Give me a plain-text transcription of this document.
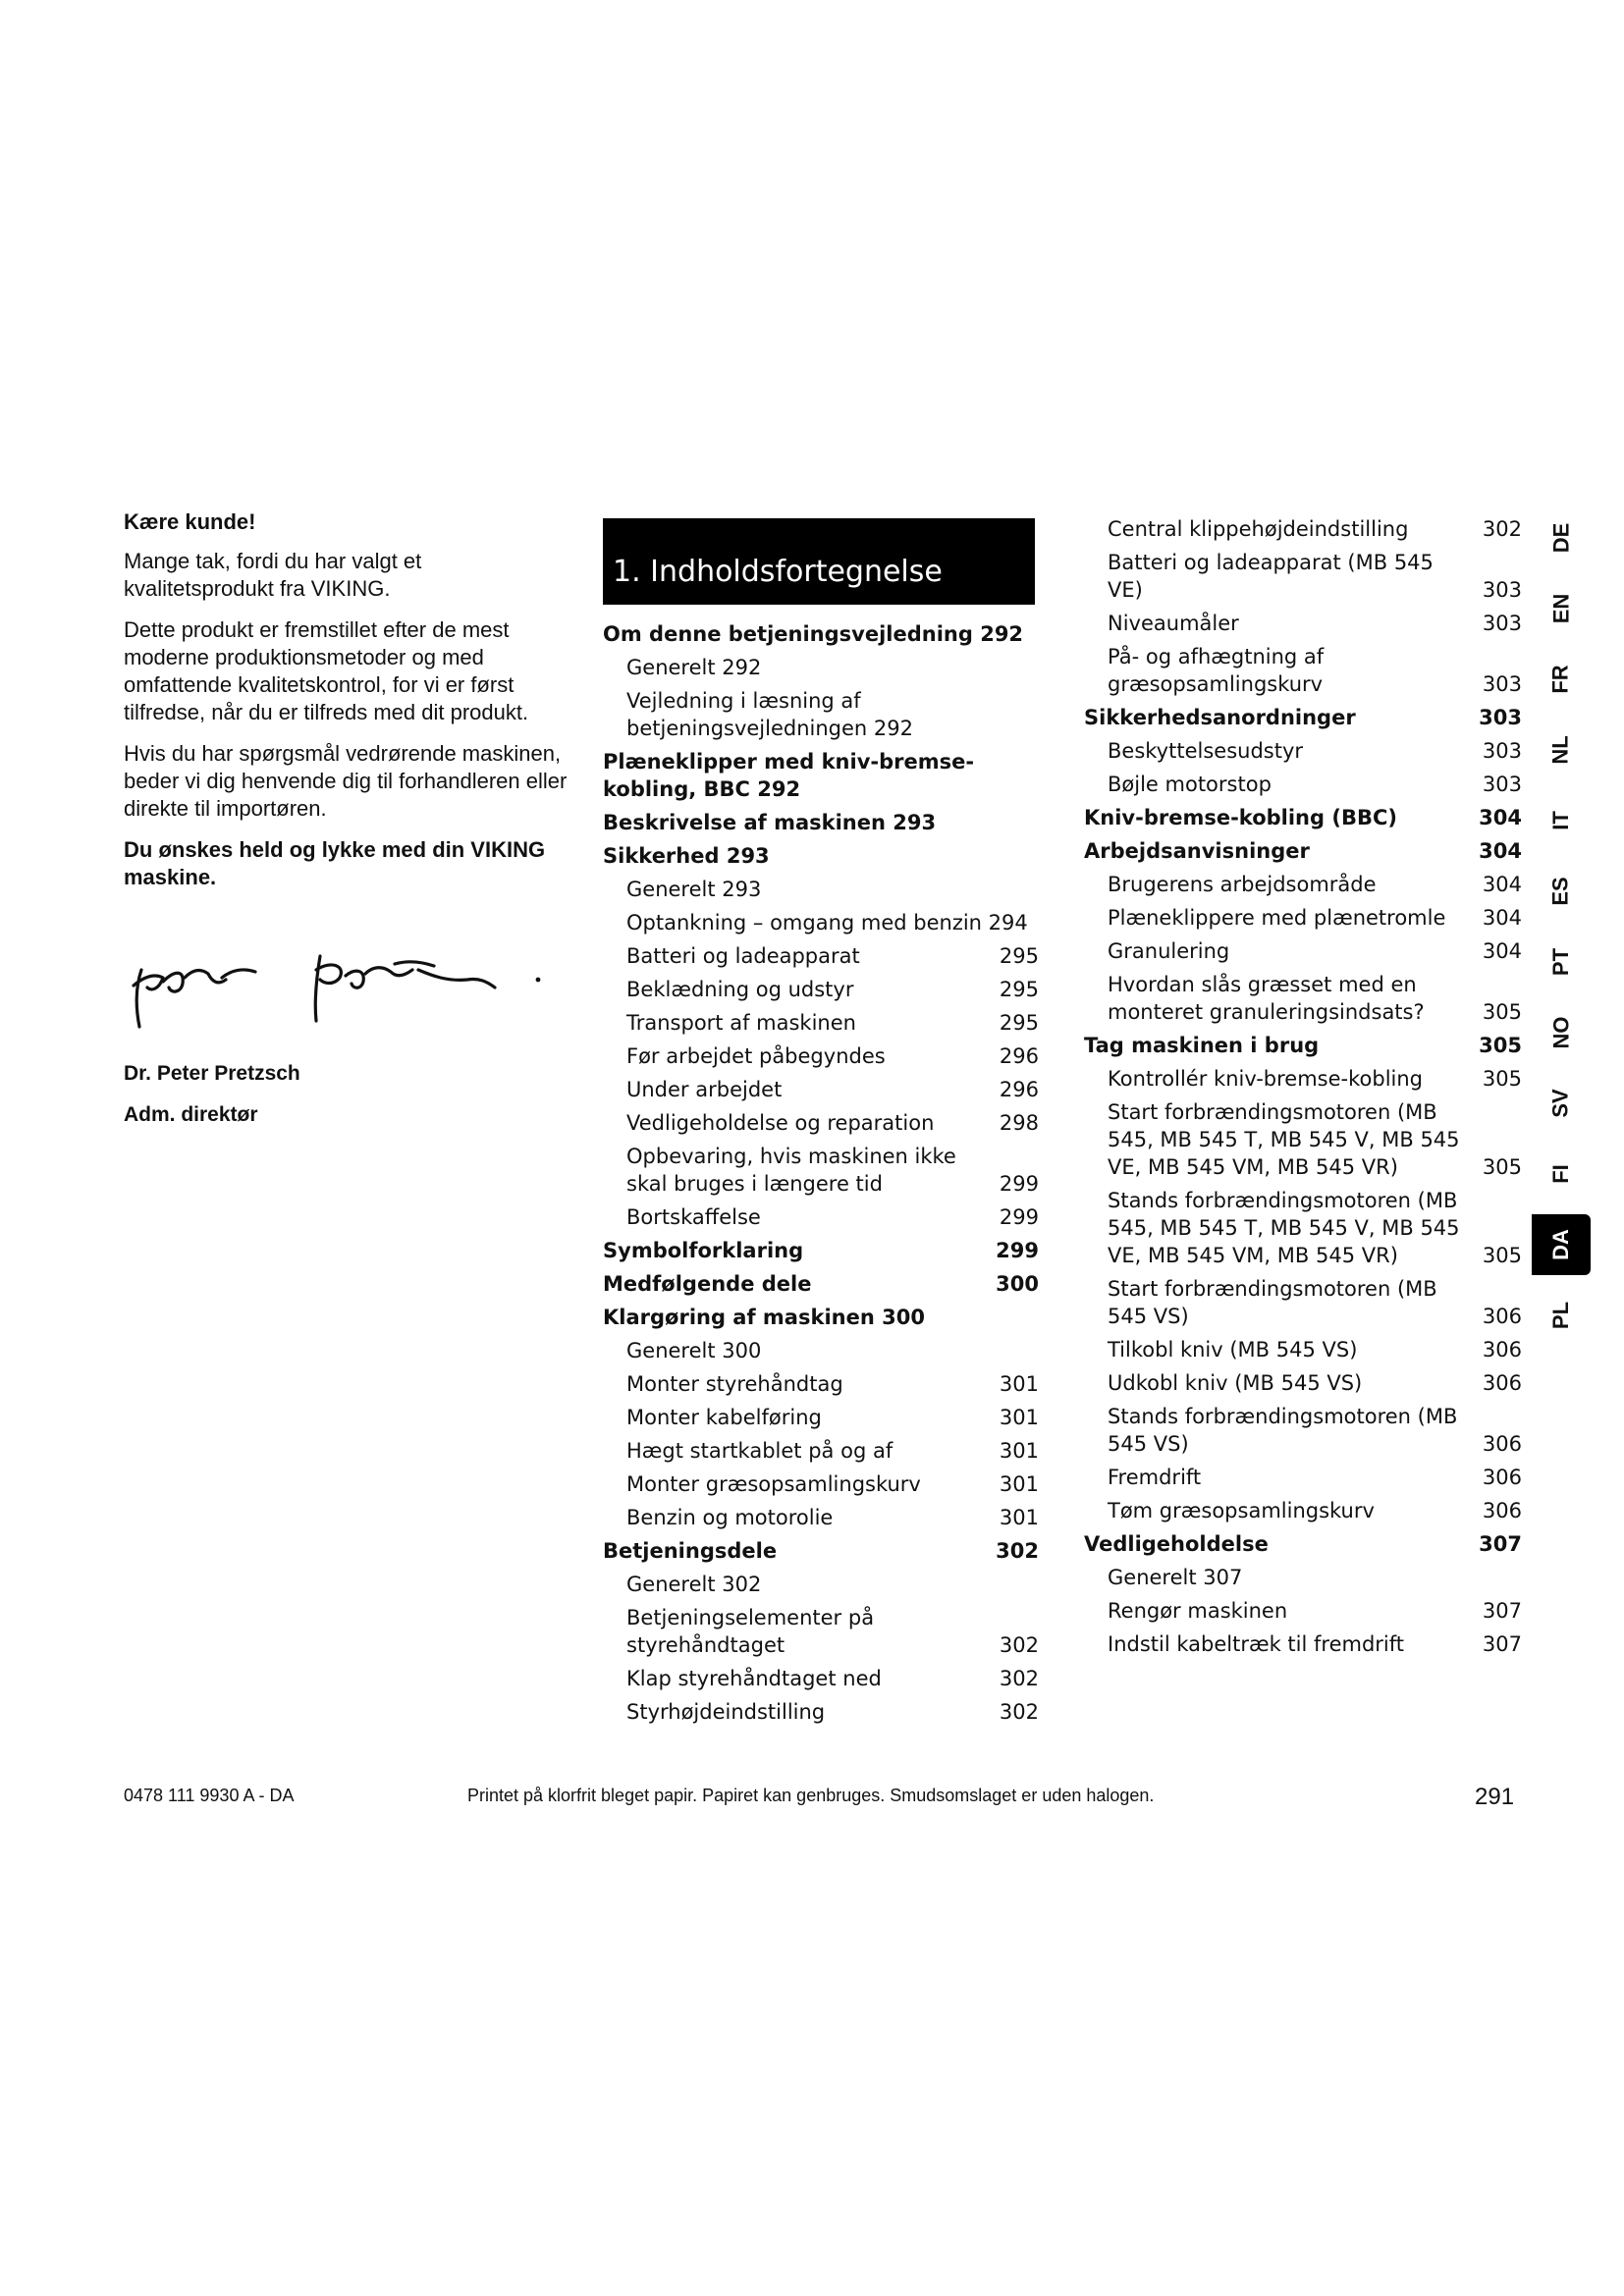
Kære kunde!

Mange tak, fordi du har valgt et kvalitetsprodukt fra VIKING.

Dette produkt er fremstillet efter de mest moderne produktionsmetoder og med omfattende kvalitetskontrol, for vi er først tilfredse, når du er tilfreds med dit produkt.

Hvis du har spørgsmål vedrørende maskinen, beder vi dig henvende dig til forhandleren eller direkte til importøren.

Du ønskes held og lykke med din VIKING maskine.

Dr. Peter Pretzsch

Adm. direktør

1. Indholdsfortegnelse
Om denne betjeningsvejledning 292
Generelt 292
Vejledning i læsning af betjeningsvejledningen 292
Plæneklipper med kniv-bremse-kobling, BBC 292
Beskrivelse af maskinen 293
Sikkerhed 293
Generelt 293
Optankning – omgang med benzin 294
Batteri og ladeapparat	295
Beklædning og udstyr	295
Transport af maskinen	295
Før arbejdet påbegyndes	296
Under arbejdet	296
Vedligeholdelse og reparation	298
Opbevaring, hvis maskinen ikke skal bruges i længere tid	299
Bortskaffelse	299
Symbolforklaring	299
Medfølgende dele	300
Klargøring af maskinen 300
Generelt 300
Monter styrehåndtag	301
Monter kabelføring	301
Hægt startkablet på og af	301
Monter græsopsamlingskurv	301
Benzin og motorolie	301
Betjeningsdele	302
Generelt 302
Betjeningselementer på styrehåndtaget	302
Klap styrehåndtaget ned	302
Styrhøjdeindstilling	302
Central klippehøjdeindstilling	302
Batteri og ladeapparat (MB 545 VE)	303
Niveaumåler	303
På- og afhægtning af græsopsamlingskurv	303
Sikkerhedsanordninger	303
Beskyttelsesudstyr	303
Bøjle motorstop	303
Kniv-bremse-kobling (BBC)	304
Arbejdsanvisninger	304
Brugerens arbejdsområde	304
Plæneklippere med plænetromle	304
Granulering	304
Hvordan slås græsset med en monteret granuleringsindsats?	305
Tag maskinen i brug	305
Kontrollér kniv-bremse-kobling	305
Start forbrændingsmotoren (MB 545, MB 545 T, MB 545 V, MB 545 VE, MB 545 VM, MB 545 VR)	305
Stands forbrændingsmotoren (MB 545, MB 545 T, MB 545 V, MB 545 VE, MB 545 VM, MB 545 VR)	305
Start forbrændingsmotoren (MB 545 VS)	306
Tilkobl kniv (MB 545 VS)	306
Udkobl kniv (MB 545 VS)	306
Stands forbrændingsmotoren (MB 545 VS)	306
Fremdrift	306
Tøm græsopsamlingskurv	306
Vedligeholdelse	307
Generelt 307
Rengør maskinen	307
Indstil kabeltræk til fremdrift	307
DE
EN
FR
NL
IT
ES
PT
NO
SV
FI
DA
PL
0478 111 9930 A - DA	Printet på klorfrit bleget papir. Papiret kan genbruges. Smudsomslaget er uden halogen.	291
